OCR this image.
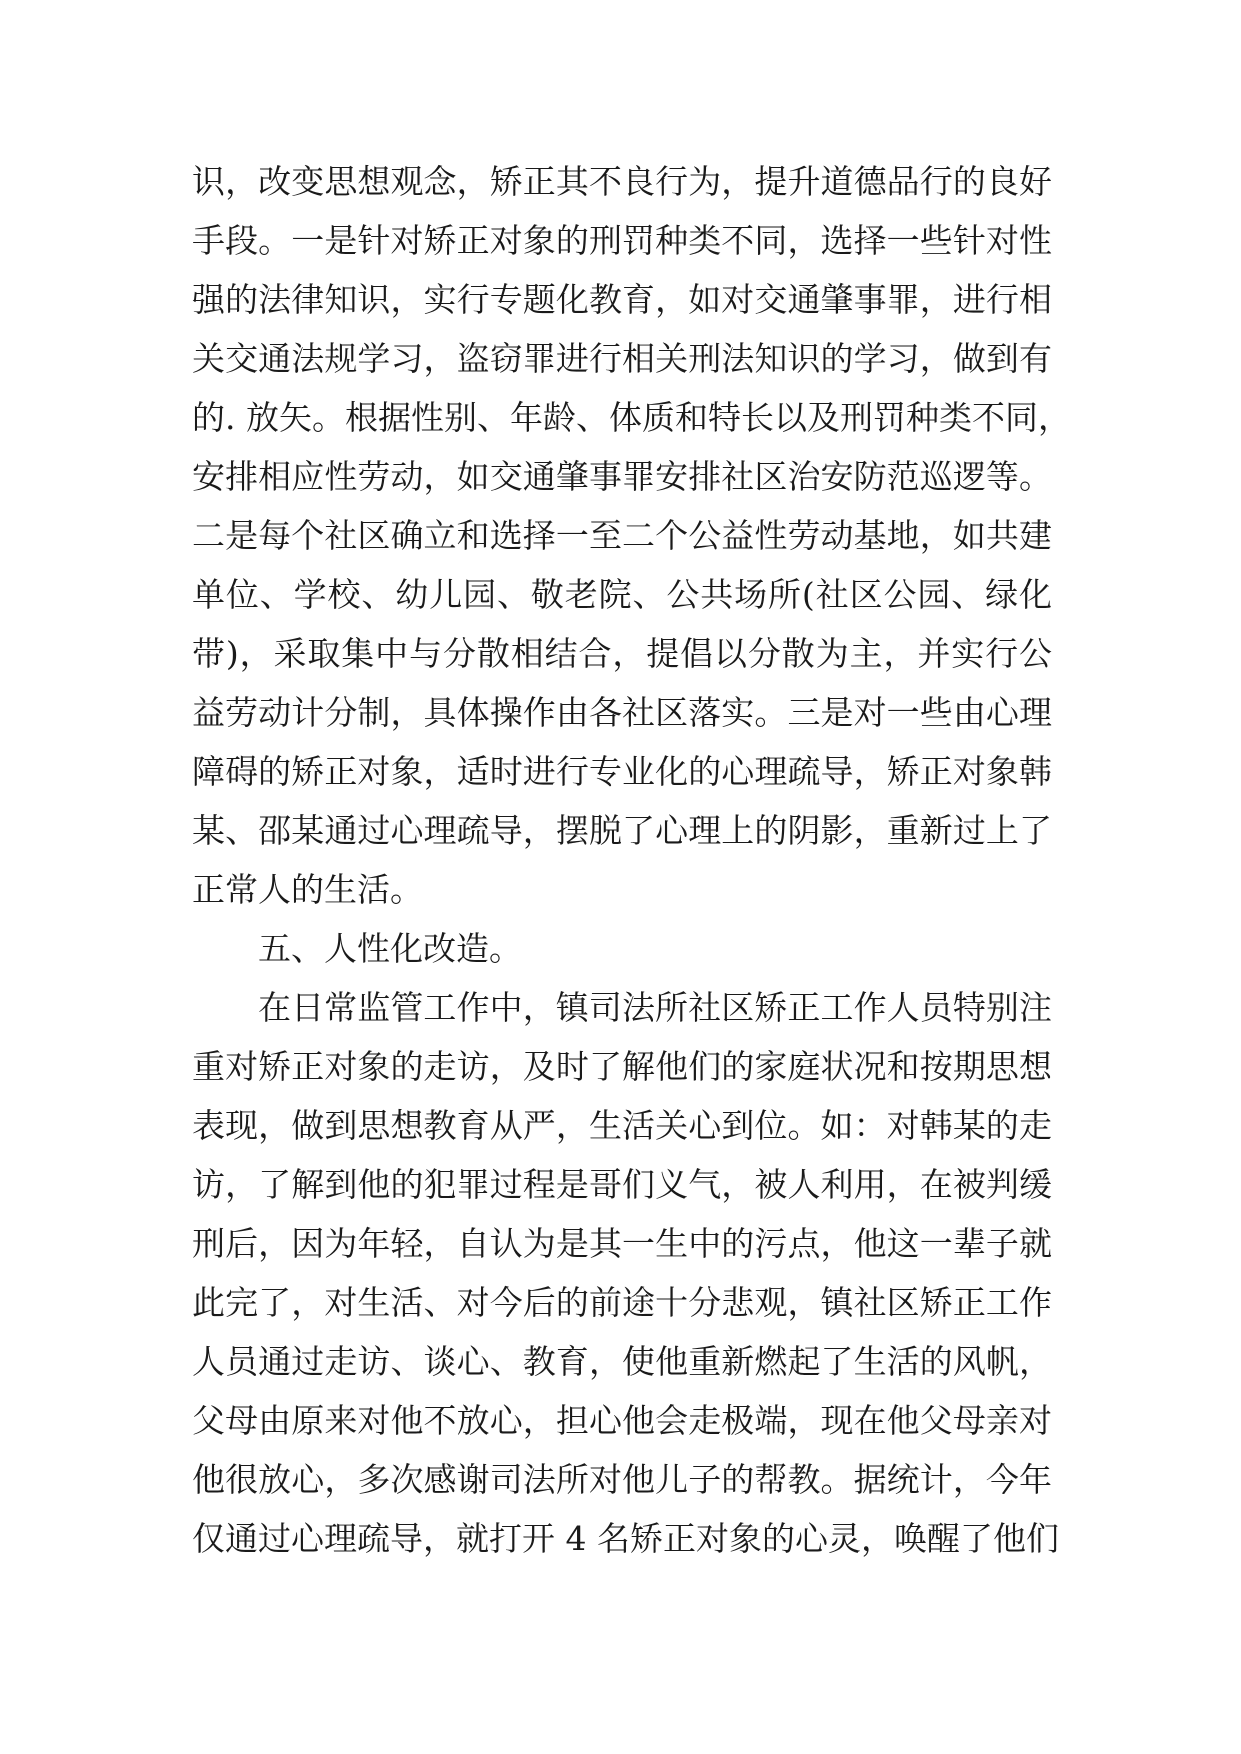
识，改变思想观念，矫正其不良行为，提升道德品行的良好
手段。一是针对矫正对象的刑罚种类不同，选择一些针对性
强的法律知识，实行专题化教育，如对交通肇事罪，进行相
关交通法规学习，盗窃罪进行相关刑法知识的学习，做到有
的. 放矢。根据性别、年龄、体质和特长以及刑罚种类不同，
安排相应性劳动，如交通肇事罪安排社区治安防范巡逻等。
二是每个社区确立和选择一至二个公益性劳动基地，如共建
单位、学校、幼儿园、敬老院、公共场所(社区公园、绿化
带)，采取集中与分散相结合，提倡以分散为主，并实行公
益劳动计分制，具体操作由各社区落实。三是对一些由心理
障碍的矫正对象，适时进行专业化的心理疏导，矫正对象韩
某、邵某通过心理疏导，摆脱了心理上的阴影，重新过上了
正常人的生活。
五、人性化改造。
在日常监管工作中，镇司法所社区矫正工作人员特别注
重对矫正对象的走访，及时了解他们的家庭状况和按期思想
表现，做到思想教育从严，生活关心到位。如：对韩某的走
访，了解到他的犯罪过程是哥们义气，被人利用，在被判缓
刑后，因为年轻，自认为是其一生中的污点，他这一辈子就
此完了，对生活、对今后的前途十分悲观，镇社区矫正工作
人员通过走访、谈心、教育，使他重新燃起了生活的风帆，
父母由原来对他不放心，担心他会走极端，现在他父母亲对
他很放心，多次感谢司法所对他儿子的帮教。据统计，今年
仅通过心理疏导，就打开 4 名矫正对象的心灵，唤醒了他们
